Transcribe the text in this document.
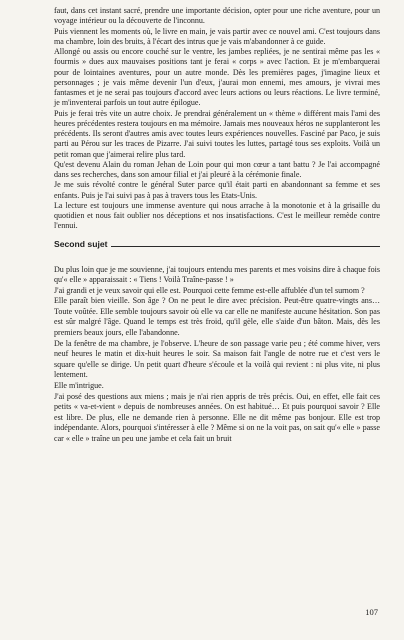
faut, dans cet instant sacré, prendre une importante décision, opter pour une riche aventure, pour un voyage intérieur ou la découverte de l'inconnu.

Puis viennent les moments où, le livre en main, je vais partir avec ce nouvel ami. C'est toujours dans ma chambre, loin des bruits, à l'écart des intrus que je vais m'abandonner à ce guide.

Allongé ou assis ou encore couché sur le ventre, les jambes repliées, je ne sentirai même pas les « fourmis » dues aux mauvaises positions tant je ferai « corps » avec l'action. Et je m'embarquerai pour de lointaines aventures, pour un autre monde. Dès les premières pages, j'imagine lieux et personnages ; je vais même devenir l'un d'eux, j'aurai mon ennemi, mes amours, je vivrai mes fantasmes et je ne serai pas toujours d'accord avec leurs actions ou leurs réactions. Le livre terminé, je m'inventerai parfois un tout autre épilogue.

Puis je ferai très vite un autre choix. Je prendrai généralement un « thème » différent mais l'ami des heures précédentes restera toujours en ma mémoire. Jamais mes nouveaux héros ne supplanteront les précédents. Ils seront d'autres amis avec toutes leurs expériences nouvelles. Fasciné par Paco, je suis parti au Pérou sur les traces de Pizarre. J'ai suivi toutes les luttes, partagé tous ses exploits. Voilà un petit roman que j'aimerai relire plus tard.

Qu'est devenu Alain du roman Jehan de Loin pour qui mon cœur a tant battu ? Je l'ai accompagné dans ses recherches, dans son amour filial et j'ai pleuré à la cérémonie finale.

Je me suis révolté contre le général Suter parce qu'il était parti en abandonnant sa femme et ses enfants. Puis je l'ai suivi pas à pas à travers tous les Etats-Unis.

La lecture est toujours une immense aventure qui nous arrache à la monotonie et à la grisaille du quotidien et nous fait oublier nos déceptions et nos insatisfactions. C'est le meilleur remède contre l'ennui.

Second sujet

Du plus loin que je me souvienne, j'ai toujours entendu mes parents et mes voisins dire à chaque fois qu'« elle » apparaissait : « Tiens ! Voilà Traîne-passe ! »

J'ai grandi et je veux savoir qui elle est. Pourquoi cette femme est-elle affublée d'un tel surnom ?

Elle paraît bien vieille. Son âge ? On ne peut le dire avec précision. Peut-être quatre-vingts ans… Toute voûtée. Elle semble toujours savoir où elle va car elle ne manifeste aucune hésitation. Son pas est sûr malgré l'âge. Quand le temps est très froid, qu'il gèle, elle s'aide d'un bâton. Mais, dès les premiers beaux jours, elle l'abandonne.

De la fenêtre de ma chambre, je l'observe. L'heure de son passage varie peu ; été comme hiver, vers neuf heures le matin et dix-huit heures le soir. Sa maison fait l'angle de notre rue et c'est vers le square qu'elle se dirige. Un petit quart d'heure s'écoule et la voilà qui revient : ni plus vite, ni plus lentement.

Elle m'intrigue.

J'ai posé des questions aux miens ; mais je n'ai rien appris de très précis. Oui, en effet, elle fait ces petits « va-et-vient » depuis de nombreuses années. On est habitué… Et puis pourquoi savoir ? Elle est libre. De plus, elle ne demande rien à personne. Elle ne dit même pas bonjour. Elle est trop indépendante. Alors, pourquoi s'intéresser à elle ? Même si on ne la voit pas, on sait qu'« elle » passe car « elle » traîne un peu une jambe et cela fait un bruit

107
